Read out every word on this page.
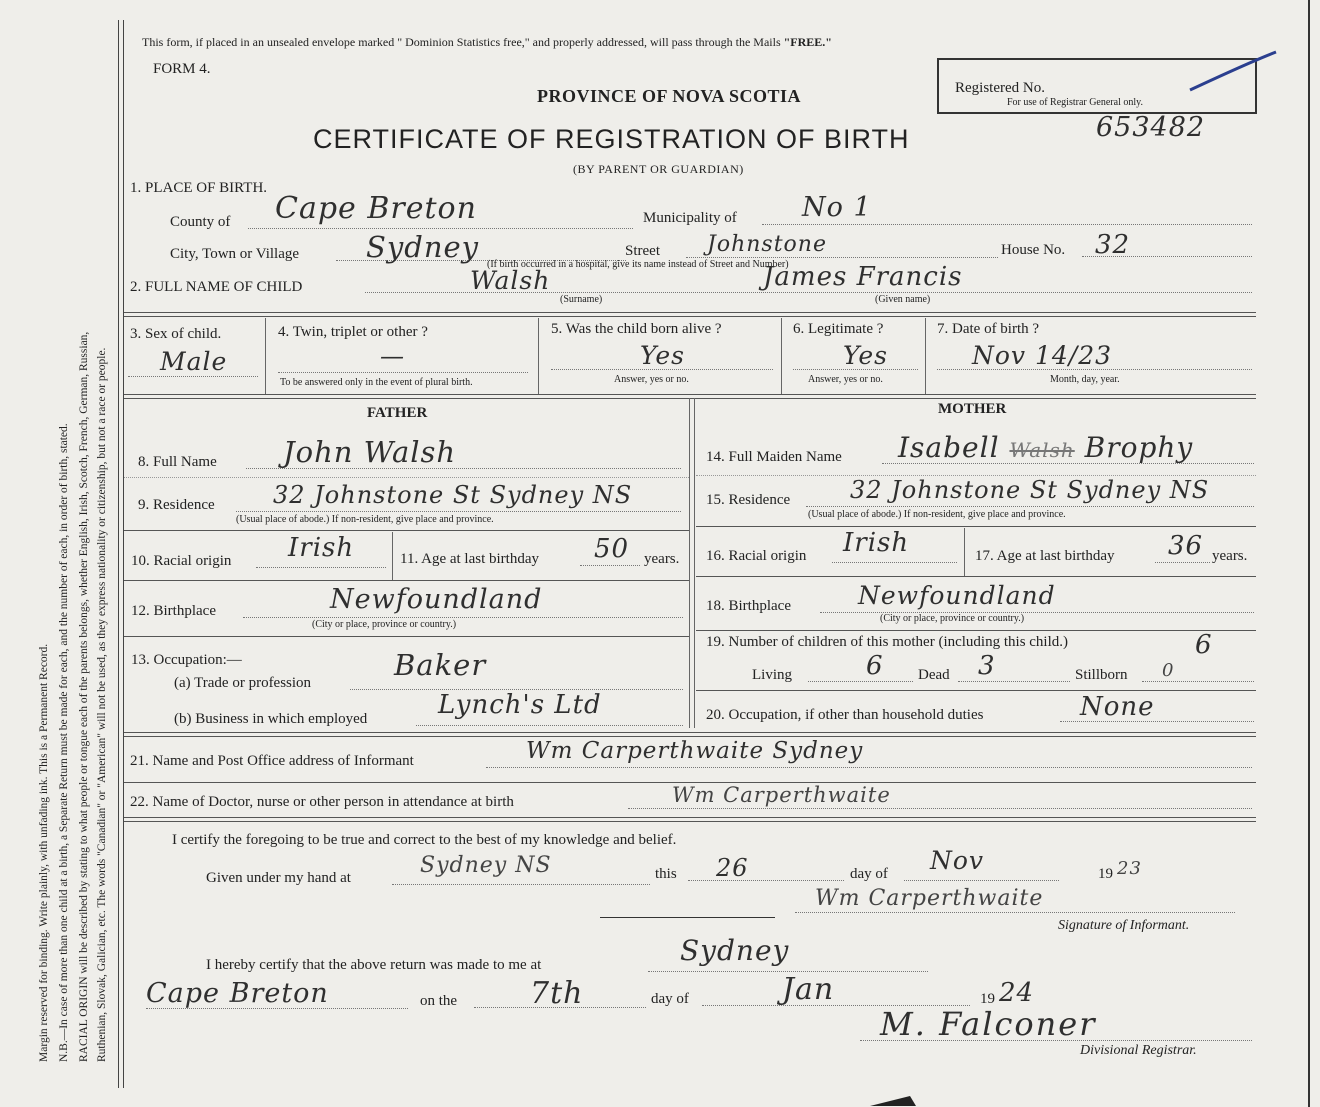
Margin reserved for binding. Write plainly, with unfading ink. This is a Permanent Record. N.B.—In case of more than one child at a birth, a Separate Return must be made for each, and the number of each, in order of birth, stated. RACIAL ORIGIN will be described by stating to what people or tongue each of the parents belongs, whether English, Irish, Scotch, French, German, Russian, Ruthenian, Slovak, Galician, etc. The words "Canadian" or "American" will not be used, as they express nationality or citizenship, but not a race or people.
This form, if placed in an unsealed envelope marked " Dominion Statistics free," and properly addressed, will pass through the Mails "FREE."
FORM 4.
PROVINCE OF NOVA SCOTIA
CERTIFICATE OF REGISTRATION OF BIRTH
(BY PARENT OR GUARDIAN)
Registered No.
For use of Registrar General only.
653482
1. PLACE OF BIRTH.
County of Cape Breton	Municipality of No 1
City, Town or Village Sydney	Street Johnstone	House No. 32
(If birth occurred in a hospital, give its name instead of Street and Number)
2. FULL NAME OF CHILD	Walsh
(Surname)
James Francis
(Given name)
3. Sex of child.
Male
4. Twin, triplet or other ?
—
To be answered only in the event of plural birth.
5. Was the child born alive ?
Yes
Answer, yes or no.
6. Legitimate ?
Yes
Answer, yes or no.
7. Date of birth ?
Nov 14/23
Month, day, year.
FATHER	MOTHER
8. Full Name John Walsh	14. Full Maiden Name Isabell Walsh Brophy
9. Residence 32 Johnstone St Sydney NS
(Usual place of abode.) If non-resident, give place and province.
15. Residence 32 Johnstone St Sydney NS
(Usual place of abode.) If non-resident, give place and province.
10. Racial origin Irish	11. Age at last birthday 50 years. 16. Racial origin Irish	17. Age at last birthday 36 years.
12. Birthplace	Newfoundland
(City or place, province or country.)
18. Birthplace	Newfoundland
(City or place, province or country.)
13. Occupation:—
(a) Trade or profession
Baker
(b) Business in which employed	Lynch's Ltd
19. Number of children of this mother (including this child.)	6
Living	6 Dead 3	Stillborn 0
20. Occupation, if other than household duties	None
21. Name and Post Office address of Informant	Wm Carperthwaite Sydney
22. Name of Doctor, nurse or other person in attendance at birth	Wm Carperthwaite
I certify the foregoing to be true and correct to the best of my knowledge and belief.
Given under my hand at	Sydney NS	this 26	day of Nov	19 23
Wm Carperthwaite
Signature of Informant.
I hereby certify that the above return was made to me at	Sydney
Cape Breton	on the 7th	day of	Jan	19 24
M. Falconer
Divisional Registrar.
